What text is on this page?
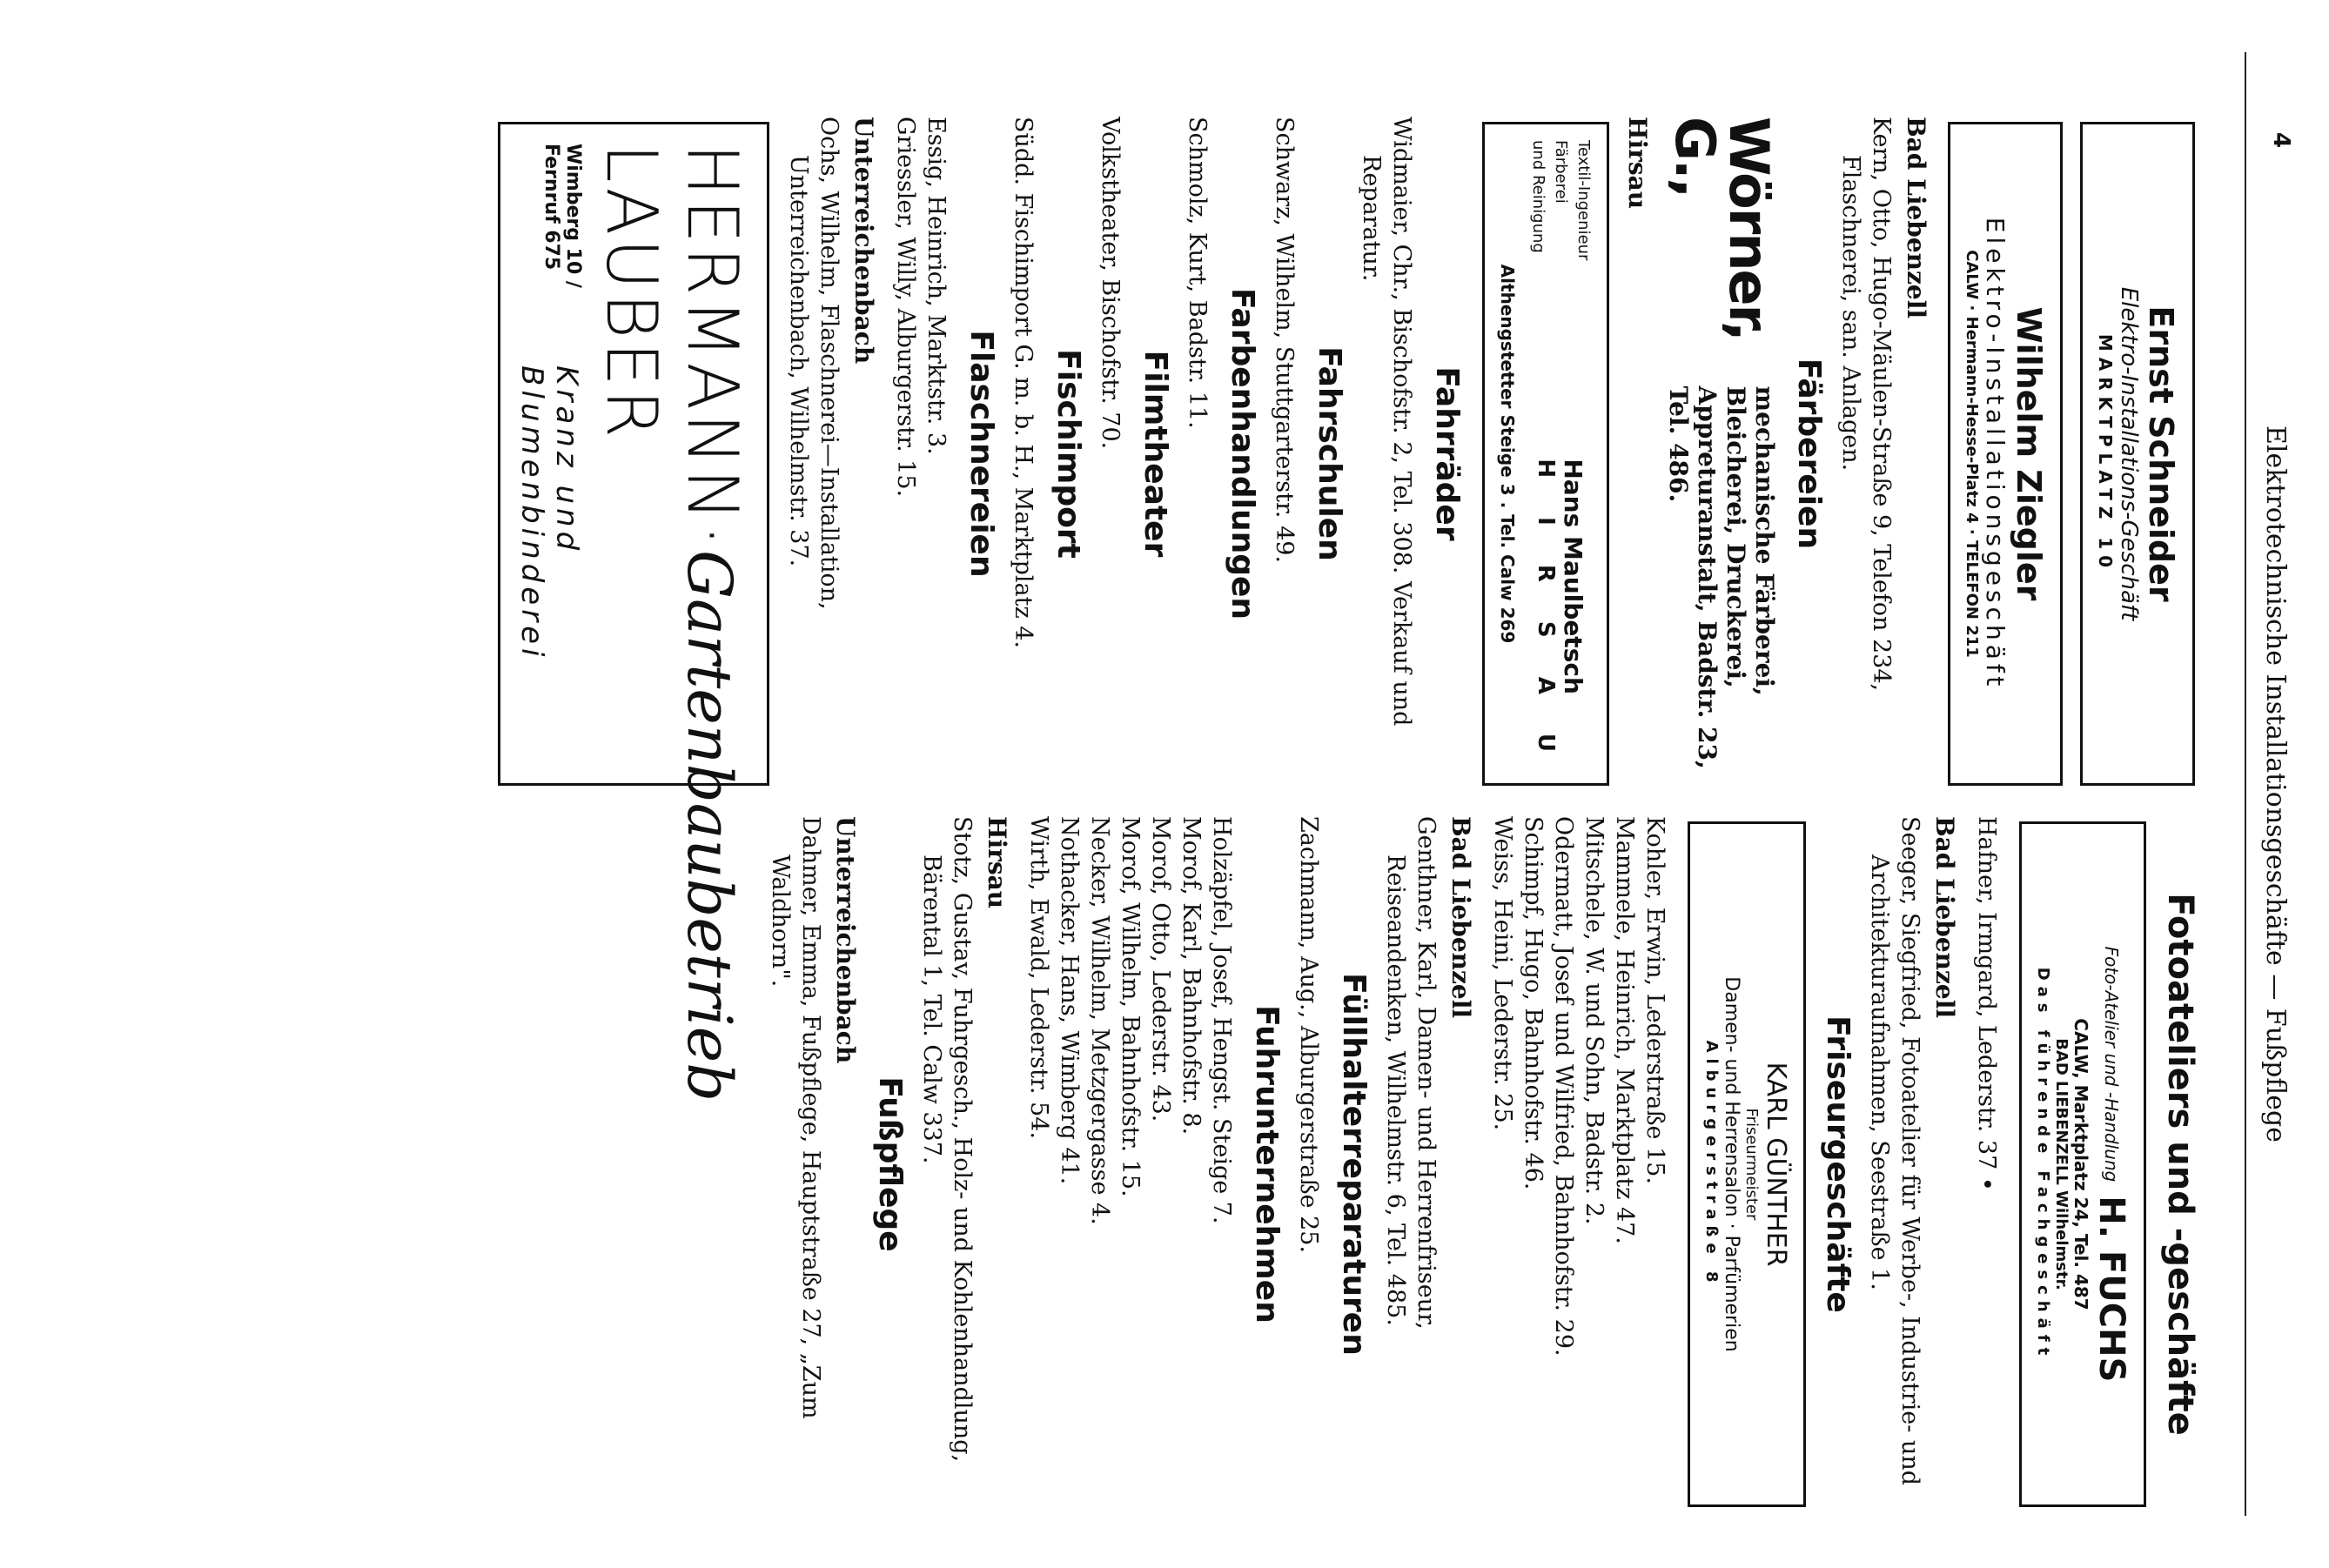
4
Elektrotechnische Installationsgeschäfte — Fußpflege
Ernst Schneider
Elektro-Installations-Geschäft
MARKTPLATZ 10
Wilhelm Ziegler
Elektro-Installationsgeschäft
CALW · Hermann-Hesse-Platz 4 · TELEFON 211
Bad Liebenzell

Kern, Otto, Hugo-Mäulen-Straße 9, Telefon 234, Flaschnerei, san. Anlagen.

Färbereien
Wörner, G.,
mechanische Färberei,
Bleicherei, Druckerei,
Appreturanstalt, Badstr. 23, Tel. 486.
Hirsau
Textil-Ingenieur
Färberei
und Reinigung
Hans Maulbetsch
H I R S A U
Althengstetter Steige 3 . Tel. Calw 269
Fahrräder

Widmaier, Chr., Bischofstr. 2, Tel. 308. Verkauf und Reparatur.

Fahrschulen

Schwarz, Wilhelm, Stuttgarterstr. 49.

Farbenhandlungen

Schmolz, Kurt, Badstr. 11.

Filmtheater

Volkstheater, Bischofstr. 70.

Fischimport

Südd. Fischimport G. m. b. H., Marktplatz 4.

Flaschnereien

Essig, Heinrich, Marktstr. 3.

Griessler, Willy, Alburgerstr. 15.

Unterreichenbach

Ochs, Wilhelm, Flaschnerei—Installation, Unterreichenbach, Wilhelmstr. 37.

HERMANN LAUBER
·
Gartenbaubetrieb
Wimberg 10 / Fernruf 675
Kranz und Blumenbinderei
Fotoateliers und -geschäfte
Foto-Atelier und -Handlung
H. FUCHS
CALW, Marktplatz 24, Tel. 487
BAD LIEBENZELL Wilhelmstr.
Das führende Fachgeschäft

Hafner, Irmgard, Lederstr. 37 •

Bad Liebenzell

Seeger, Siegfried, Fotoatelier für Werbe-, Industrie- und Architekturaufnahmen, Seestraße 1.

Friseurgeschäfte
KARL GÜNTHER
Friseurmeister
Damen- und Herrensalon · Parfümerien
Alburgerstraße 8

Kohler, Erwin, Lederstraße 15.

Mammele, Heinrich, Marktplatz 47.

Mitschele, W. und Sohn, Badstr. 2.

Odermatt, Josef und Wilfried, Bahnhofstr. 29.

Schimpf, Hugo, Bahnhofstr. 46.

Weiss, Heini, Lederstr. 25.

Bad Liebenzell

Genthner, Karl, Damen- und Herrenfriseur, Reiseandenken, Wilhelmstr. 6, Tel. 485.

Füllhalterreparaturen

Zachmann, Aug., Alburgerstraße 25.

Fuhrunternehmen

Holzäpfel, Josef, Hengst. Steige 7.

Morof, Karl, Bahnhofstr. 8.

Morof, Otto, Lederstr. 43.

Morof, Wilhelm, Bahnhofstr. 15.

Necker, Wilhelm, Metzgergasse 4.

Nothacker, Hans, Wimberg 41.

Wirth, Ewald, Lederstr. 54.

Hirsau

Stotz, Gustav, Fuhrgesch., Holz- und Kohlenhandlung, Bärental 1, Tel. Calw 337.

Fußpflege
Unterreichenbach

Dahmer, Emma, Fußpflege, Hauptstraße 27, „Zum Waldhorn".
